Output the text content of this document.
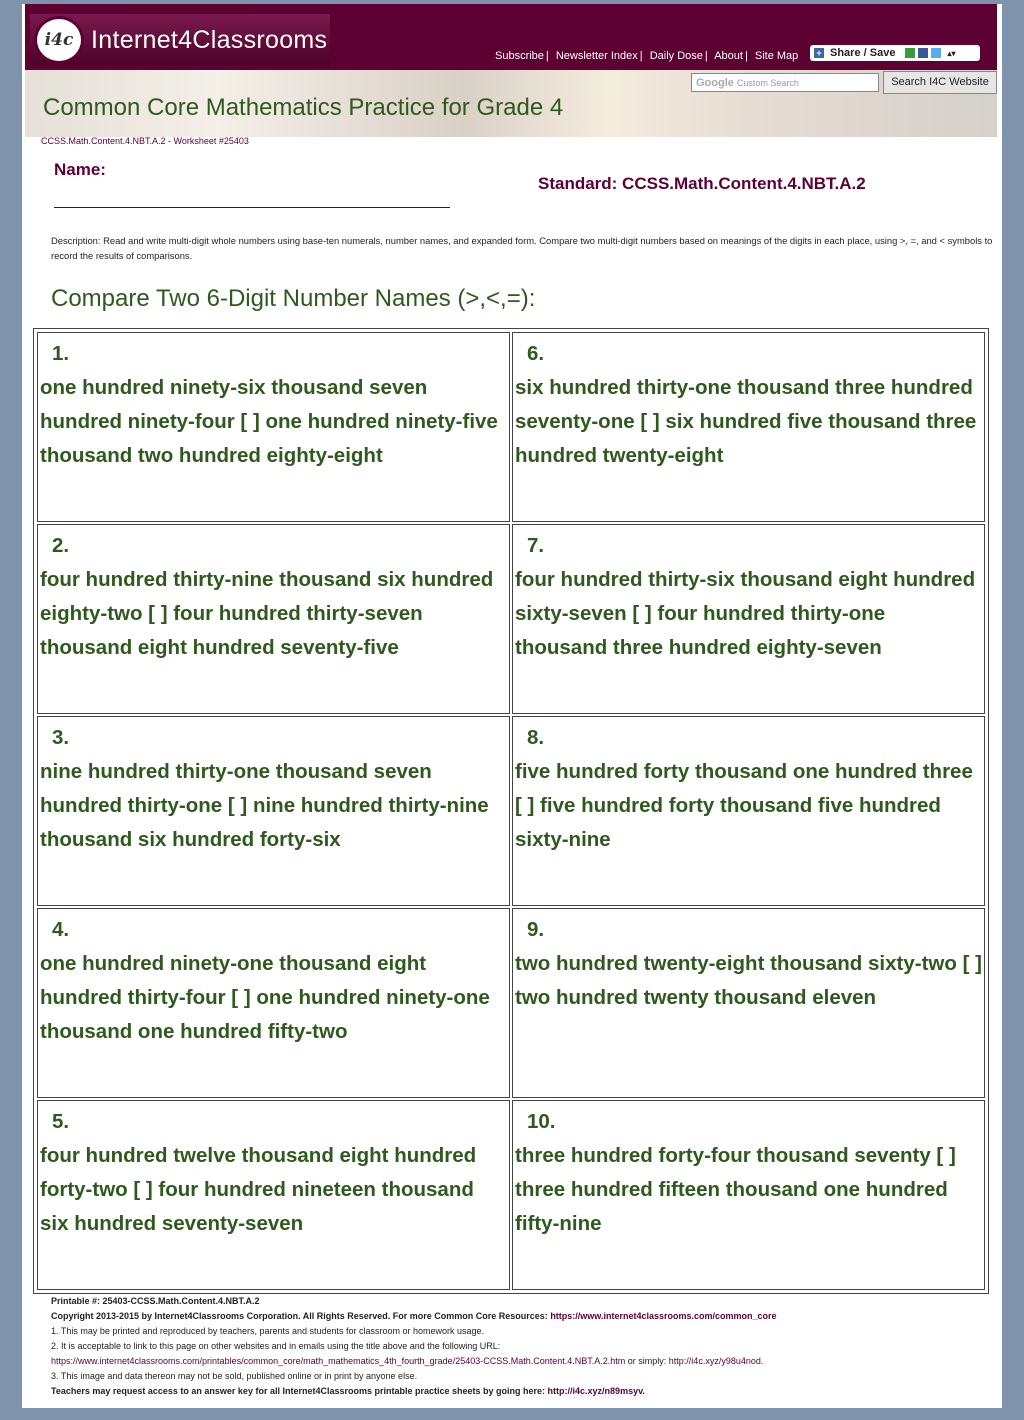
i4c Internet4Classrooms
Subscribe | Newsletter Index | Daily Dose | About | Site Map + Share / Save	▴▾
Google Custom Search	Search I4C Website
Common Core Mathematics Practice for Grade 4
CCSS.Math.Content.4.NBT.A.2 - Worksheet #25403
Name:
Standard: CCSS.Math.Content.4.NBT.A.2
Description: Read and write multi-digit whole numbers using base-ten numerals, number names, and expanded form. Compare two multi-digit numbers based on meanings of the digits in each place, using >, =, and < symbols to record the results of comparisons.
Compare Two 6-Digit Number Names (>,<,=):
1.
one hundred ninety-six thousand seven hundred ninety-four [ ] one hundred ninety-five thousand two hundred eighty-eight
6.
six hundred thirty-one thousand three hundred seventy-one [ ] six hundred five thousand three hundred twenty-eight
2.
four hundred thirty-nine thousand six hundred eighty-two [ ] four hundred thirty-seven thousand eight hundred seventy-five
7.
four hundred thirty-six thousand eight hundred sixty-seven [ ] four hundred thirty-one thousand three hundred eighty-seven
3.
nine hundred thirty-one thousand seven hundred thirty-one [ ] nine hundred thirty-nine thousand six hundred forty-six
8.
five hundred forty thousand one hundred three [ ] five hundred forty thousand five hundred sixty-nine
4.
one hundred ninety-one thousand eight hundred thirty-four [ ] one hundred ninety-one thousand one hundred fifty-two
9.
two hundred twenty-eight thousand sixty-two [ ] two hundred twenty thousand eleven
5.
four hundred twelve thousand eight hundred forty-two [ ] four hundred nineteen thousand six hundred seventy-seven
10.
three hundred forty-four thousand seventy [ ] three hundred fifteen thousand one hundred fifty-nine
Printable #: 25403-CCSS.Math.Content.4.NBT.A.2
Copyright 2013-2015 by Internet4Classrooms Corporation. All Rights Reserved. For more Common Core Resources: https://www.internet4classrooms.com/common_core
1. This may be printed and reproduced by teachers, parents and students for classroom or homework usage.
2. It is acceptable to link to this page on other websites and in emails using the title above and the following URL:
https://www.internet4classrooms.com/printables/common_core/math_mathematics_4th_fourth_grade/25403-CCSS.Math.Content.4.NBT.A.2.htm or simply: http://i4c.xyz/y98u4nod.
3. This image and data thereon may not be sold, published online or in print by anyone else.
Teachers may request access to an answer key for all Internet4Classrooms printable practice sheets by going here: http://i4c.xyz/n89msyv.
